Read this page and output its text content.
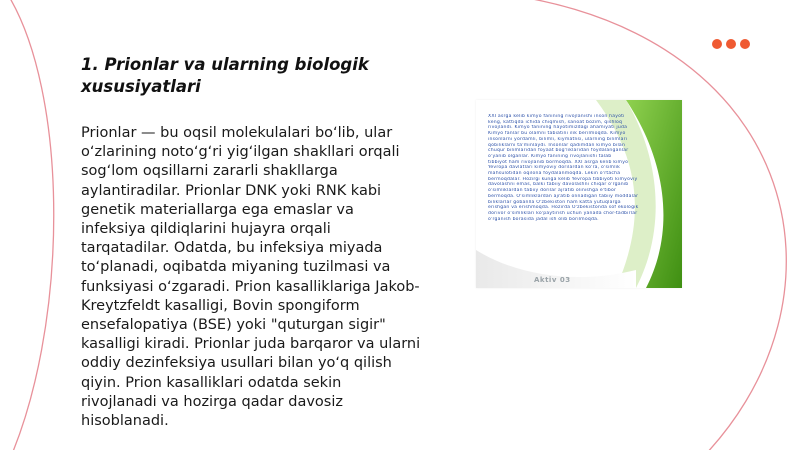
1. Prionlar va ularning biologik xususiyatlari

Prionlar — bu oqsil molekulalari boʻlib, ular oʻzlarining notoʻgʻri yigʻilgan shakllari orqali sogʻlom oqsillarni zararli shakllarga aylantiradilar. Prionlar DNK yoki RNK kabi genetik materiallarga ega emaslar va infeksiya qildiqlarini hujayra orqali tarqatadilar. Odatda, bu infeksiya miyada toʻplanadi, oqibatda miyaning tuzilmasi va funksiyasi oʻzgaradi. Prion kasalliklariga Jakob-Kreytzfeldt kasalligi, Bovin spongiform ensefalopatiya (BSE) yoki "quturgan sigir" kasalligi kiradi. Prionlar juda barqaror va ularni oddiy dezinfeksiya usullari bilan yoʻq qilish qiyin. Prion kasalliklari odatda sekin rivojlanadi va hozirga qadar davosiz hisoblanadi.

XXI asrga kelib kimyo fanining rivojlanishi inson hayoti
keng, kattiqda ichida chiqmish, sanoat bozim, qishloq
rivojlandi. Kimyo fanining hayotimizdagi ahamiyati juda
Kimyo fanlar bu olamni tabiatini ilik berilmoqda. Kimyo
insonlarni yordamli, bilimli, kiymatlisi, ularning bilimlari
qobiliklarni ta'minlaydi. Insonlar qadimdan kimyo bilan
chuqur bilimlaridan foyaat bog'liklaridan foydalanganlar
o'yanib olganlar. Kimyo fanining rivojlanishi talab
tibbiyot ham rivojlanib bormoqda. XXI asrga kelib kimyo
Yevropa davlatlari kimyoviy dorilardan ko'ra, o'simlik
mahsulotidan oqilona foydalanmoqda. Lekin o'rtacha
bermoqdalar. Hozirgi kunga kelib Yevropa tibbiyoti kimyoviy
davolashni emas, balki tabiiy davolashni chiqar o'rganib
o'simliklardan tabiiy dorilar ajratib olinishga e'tibor
bermoqda. O'simliklardan ajratib olinadigan tabiiy moddalar
biliklarlar gobanlla O'zbekiston ham katta yutuqlarga
erishgan va erishmoqda. Hozirda O'zbekistonda sof ekologik
dorivor o'simliklari ko'paytirish uchun yanada chor-tadbirlar
o'rganish borasida jadal ish olib borilmoqda.
Aktiv 03
